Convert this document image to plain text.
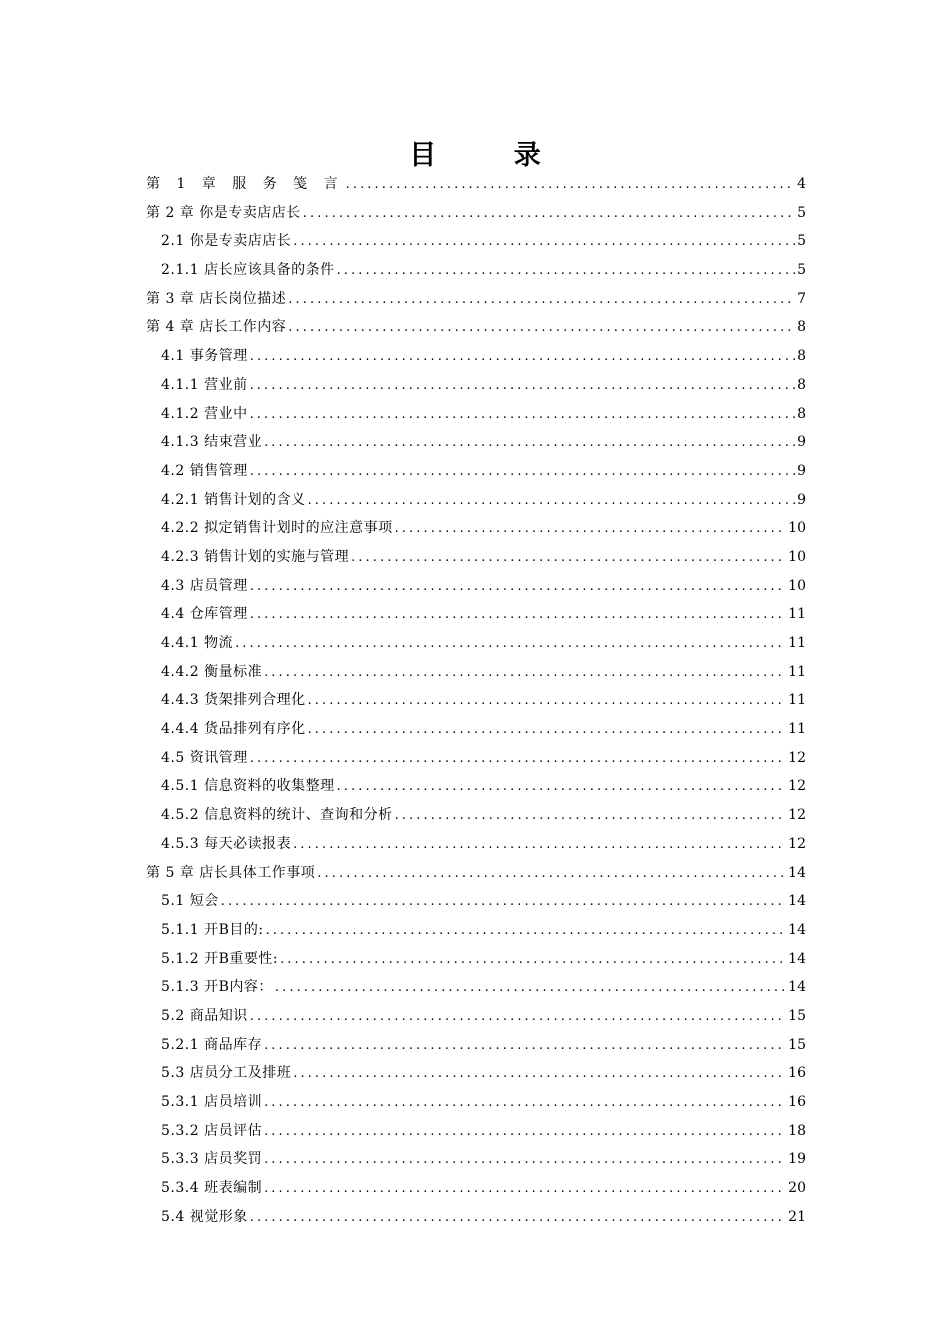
目 录
第 1 章 服 务 笺 言 .....	4
第 2 章 你是专卖店店长 .....	5
2.1 你是专卖店店长 .....	5
2.1.1 店长应该具备的条件 .....	5
第 3 章 店长岗位描述 .....	7
第 4 章 店长工作内容 .....	8
4.1 事务管理 .....	8
4.1.1 营业前 .....	8
4.1.2 营业中 .....	8
4.1.3 结束营业 .....	9
4.2 销售管理 .....	9
4.2.1 销售计划的含义 .....	9
4.2.2 拟定销售计划时的应注意事项 .....	10
4.2.3 销售计划的实施与管理 .....	10
4.3 店员管理 .....	10
4.4 仓库管理 .....	11
4.4.1 物流 .....	11
4.4.2 衡量标准 .....	11
4.4.3 货架排列合理化 .....	11
4.4.4 货品排列有序化 .....	11
4.5 资讯管理 .....	12
4.5.1 信息资料的收集整理 .....	12
4.5.2 信息资料的统计、查询和分析 .....	12
4.5.3 每天必读报表 .....	12
第 5 章 店长具体工作事项 .....	14
5.1 短会 .....	14
5.1.1 开B目的: .....	14
5.1.2 开B重要性: .....	14
5.1.3 开B内容： .....	14
5.2 商品知识 .....	15
5.2.1 商品库存 .....	15
5.3 店员分工及排班 .....	16
5.3.1 店员培训 .....	16
5.3.2 店员评估 .....	18
5.3.3 店员奖罚 .....	19
5.3.4 班表编制 .....	20
5.4 视觉形象 .....	21
